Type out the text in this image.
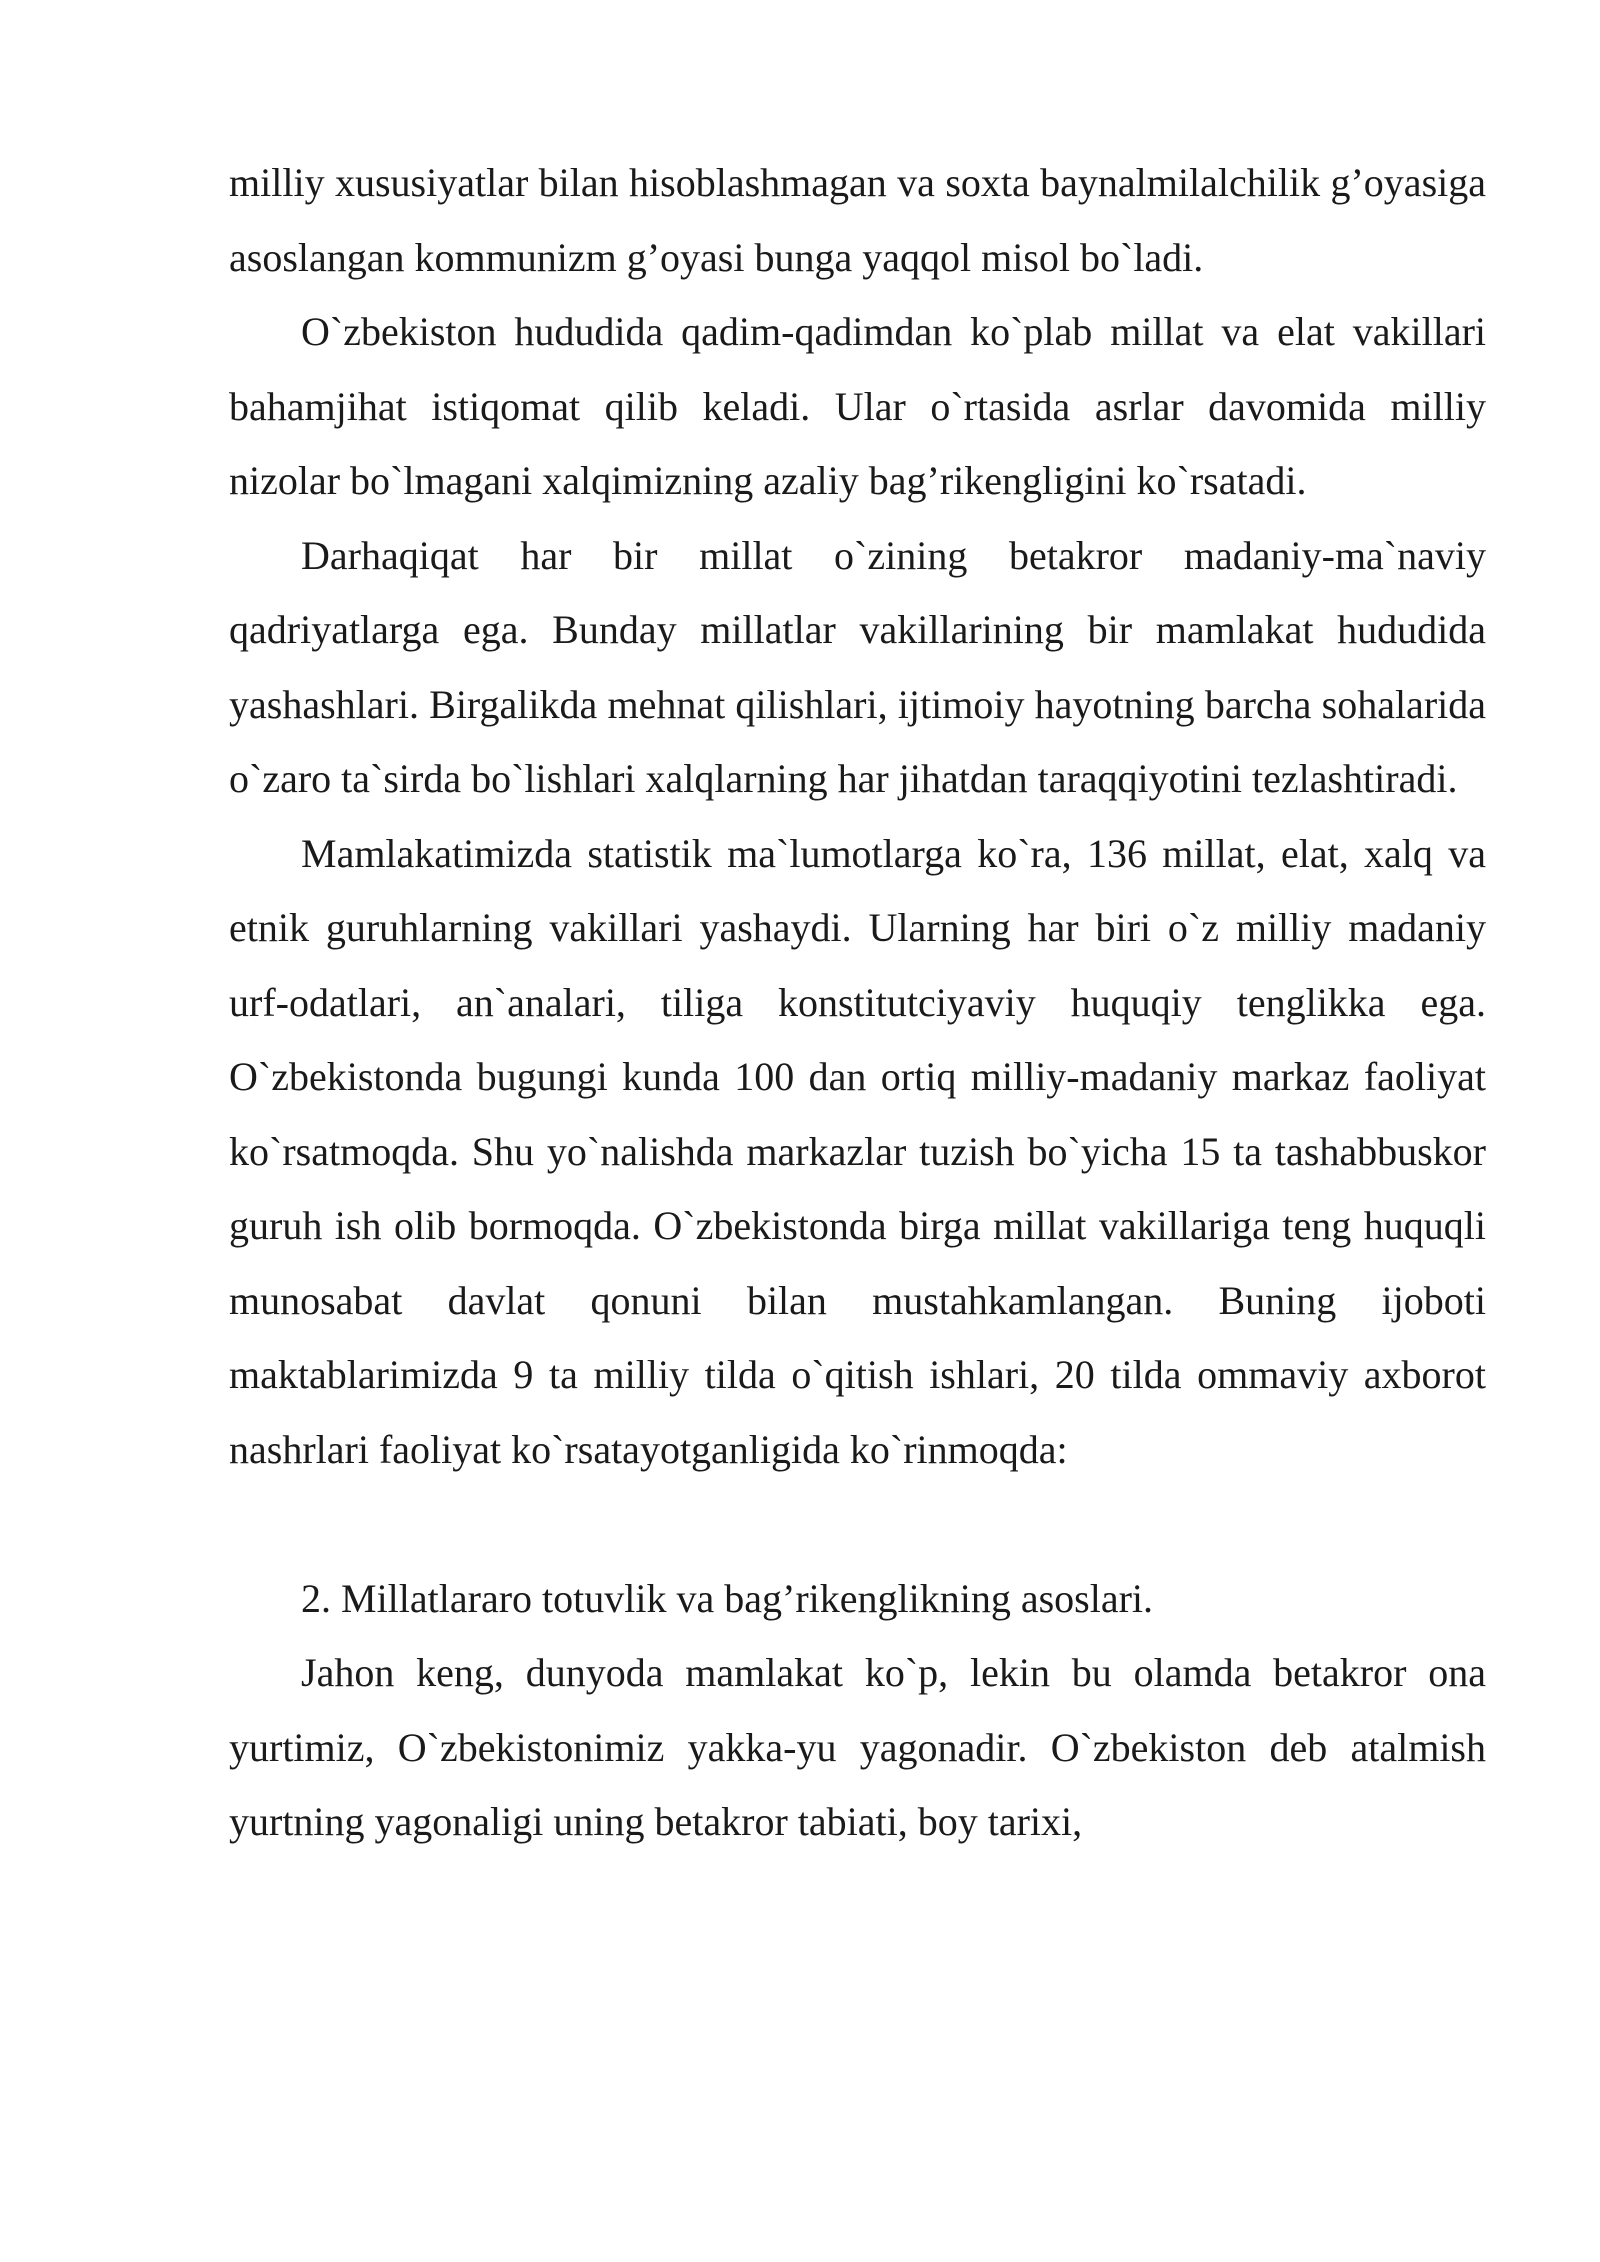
milliy xususiyatlar bilan hisoblashmagan va soxta baynalmilalchilik g’oyasiga asoslangan kommunizm g’oyasi bunga yaqqol misol bo`ladi.

O`zbekiston hududida qadim-qadimdan ko`plab millat va elat vakillari bahamjihat istiqomat qilib keladi. Ular o`rtasida asrlar davomida milliy nizolar bo`lmagani xalqimizning azaliy bag’rikengligini ko`rsatadi.

Darhaqiqat har bir millat o`zining betakror madaniy-ma`naviy qadriyatlarga ega. Bunday millatlar vakillarining bir mamlakat hududida yashashlari. Birgalikda mehnat qilishlari, ijtimoiy hayotning barcha sohalarida o`zaro ta`sirda bo`lishlari xalqlarning har jihatdan taraqqiyotini tezlashtiradi.

Mamlakatimizda statistik ma`lumotlarga ko`ra, 136 millat, elat, xalq va etnik guruhlarning vakillari yashaydi. Ularning har biri o`z milliy madaniy urf-odatlari, an`analari, tiliga konstitutciyaviy huquqiy tenglikka ega. O`zbekistonda bugungi kunda 100 dan ortiq milliy-madaniy markaz faoliyat ko`rsatmoqda. Shu yo`nalishda markazlar tuzish bo`yicha 15 ta tashabbuskor guruh ish olib bormoqda. O`zbekistonda birga millat vakillariga teng huquqli munosabat davlat qonuni bilan mustahkamlangan. Buning ijoboti maktablarimizda 9 ta milliy tilda o`qitish ishlari, 20 tilda ommaviy axborot nashrlari faoliyat ko`rsatayotganligida ko`rinmoqda:

2. Millatlararo totuvlik va bag’rikenglikning asoslari.

Jahon keng, dunyoda mamlakat ko`p, lekin bu olamda betakror ona yurtimiz, O`zbekistonimiz yakka-yu yagonadir. O`zbekiston deb atalmish yurtning yagonaligi uning betakror tabiati, boy tarixi,
